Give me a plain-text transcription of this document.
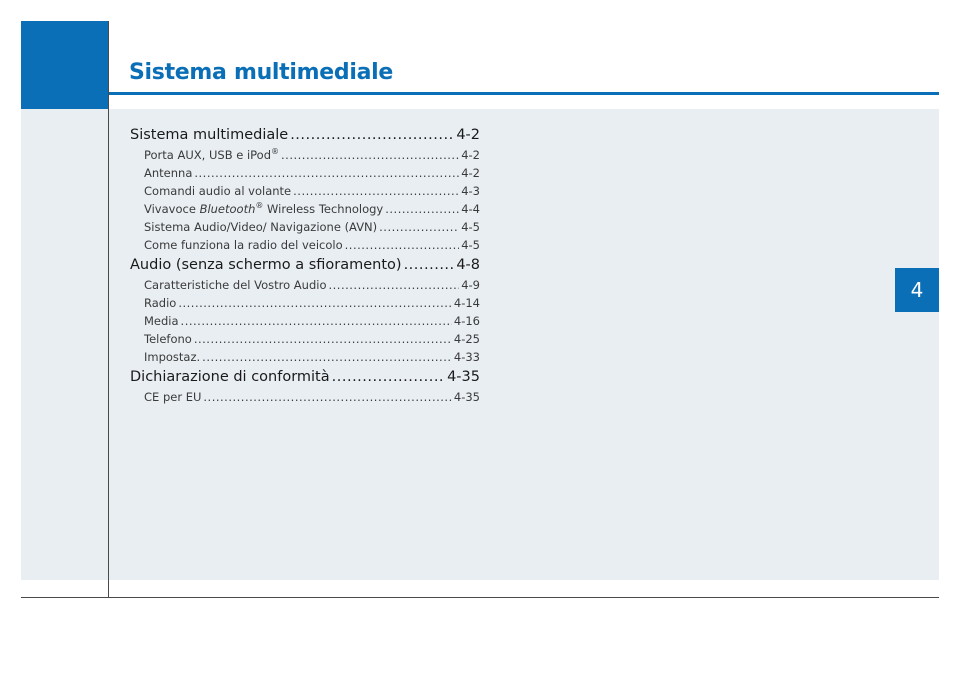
Sistema multimediale
4
Sistema multimediale .....	4-2
Porta AUX, USB e iPod® .....	4-2
Antenna .....	4-2
Comandi audio al volante .....	4-3
Vivavoce Bluetooth® Wireless Technology .....	4-4
Sistema Audio/Video/ Navigazione (AVN) .....	4-5
Come funziona la radio del veicolo .....	4-5
Audio (senza schermo a sfioramento) .....	4-8
Caratteristiche del Vostro Audio .....	4-9
Radio .....	4-14
Media .....	4-16
Telefono .....	4-25
Impostaz. .....	4-33
Dichiarazione di conformità .....	4-35
CE per EU .....	4-35
